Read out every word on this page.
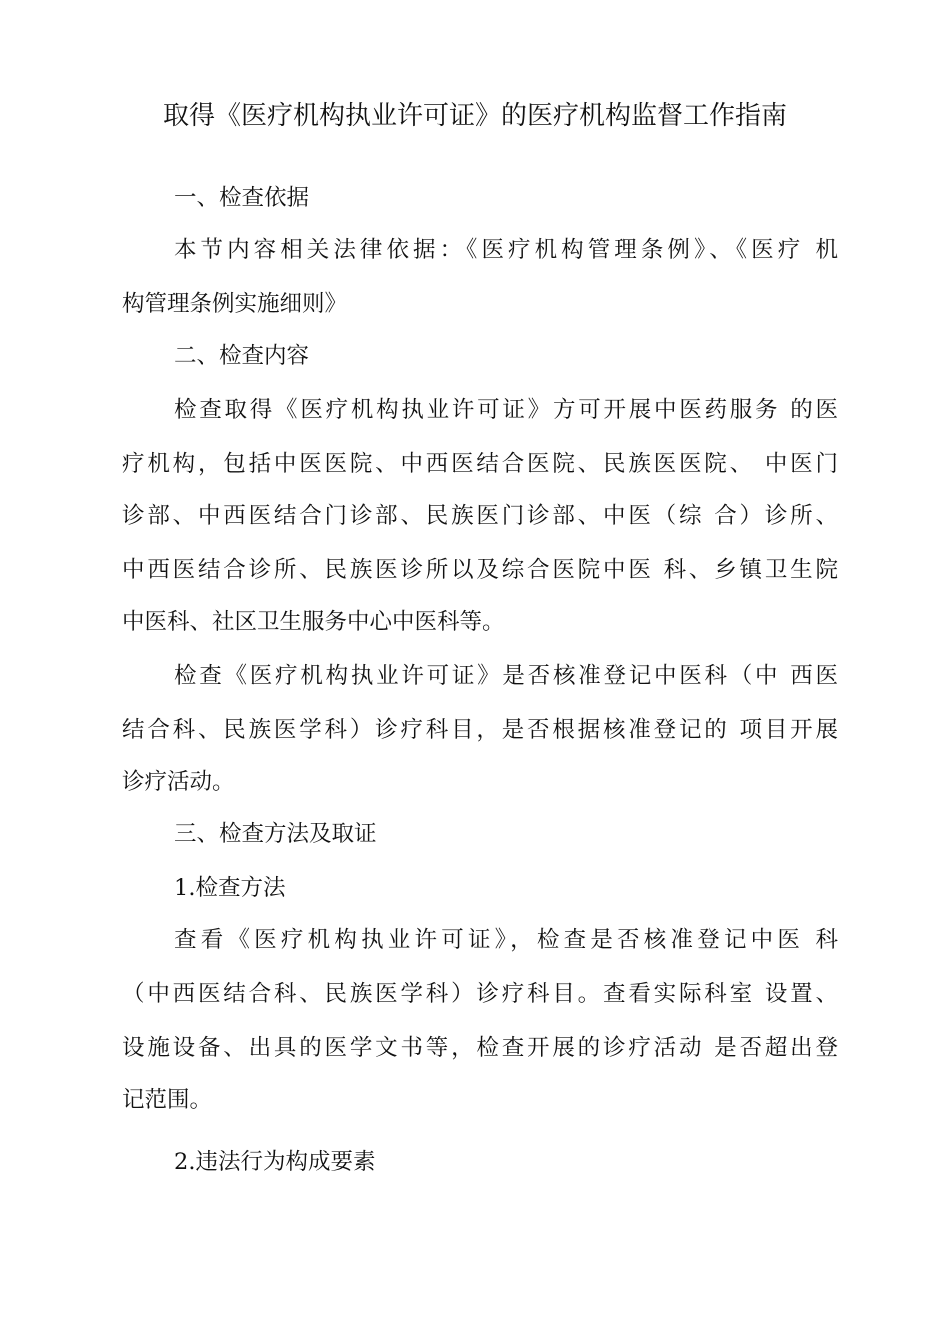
取得《医疗机构执业许可证》的医疗机构监督工作指南
一、检查依据
本节内容相关法律依据：《医疗机构管理条例》、《医疗 机
构管理条例实施细则》
二、检查内容
检查取得《医疗机构执业许可证》方可开展中医药服务 的医
疗机构，包括中医医院、中西医结合医院、民族医医院、 中医门
诊部、中西医结合门诊部、民族医门诊部、中医（综 合）诊所、
中西医结合诊所、民族医诊所以及综合医院中医 科、乡镇卫生院
中医科、社区卫生服务中心中医科等。
检查《医疗机构执业许可证》是否核准登记中医科（中 西医
结合科、民族医学科）诊疗科目，是否根据核准登记的 项目开展
诊疗活动。
三、检查方法及取证
1.检查方法
查看《医疗机构执业许可证》，检查是否核准登记中医 科
（中西医结合科、民族医学科）诊疗科目。查看实际科室 设置、
设施设备、出具的医学文书等，检查开展的诊疗活动 是否超出登
记范围。
2.违法行为构成要素
